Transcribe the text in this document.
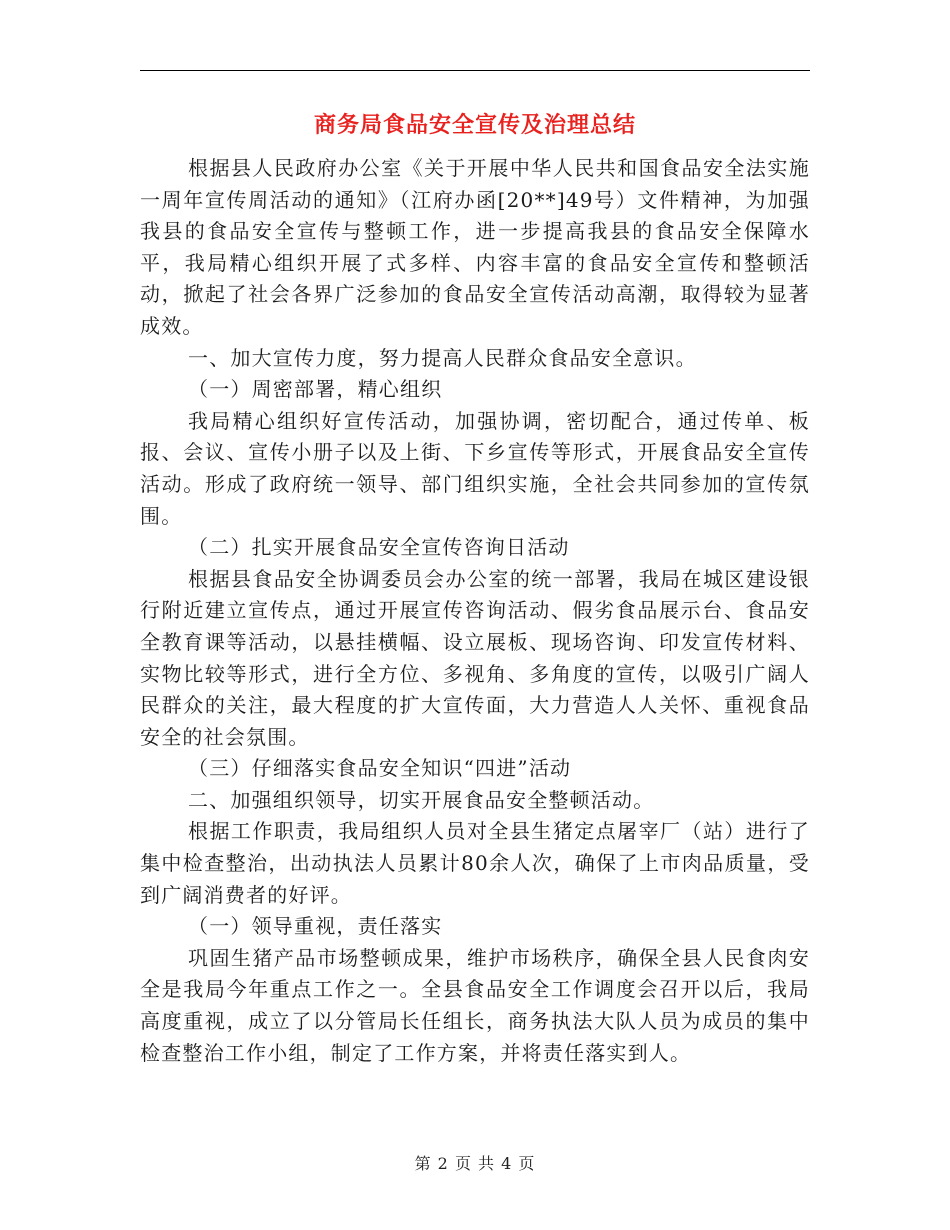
商务局食品安全宣传及治理总结

根据县人民政府办公室《关于开展中华人民共和国食品安全法实施一周年宣传周活动的通知》（江府办函[20**]49号）文件精神，为加强我县的食品安全宣传与整顿工作，进一步提高我县的食品安全保障水平，我局精心组织开展了式多样、内容丰富的食品安全宣传和整顿活动，掀起了社会各界广泛参加的食品安全宣传活动高潮，取得较为显著成效。

一、加大宣传力度，努力提高人民群众食品安全意识。

（一）周密部署，精心组织

我局精心组织好宣传活动，加强协调，密切配合，通过传单、板报、会议、宣传小册子以及上街、下乡宣传等形式，开展食品安全宣传活动。形成了政府统一领导、部门组织实施，全社会共同参加的宣传氛围。

（二）扎实开展食品安全宣传咨询日活动

根据县食品安全协调委员会办公室的统一部署，我局在城区建设银行附近建立宣传点，通过开展宣传咨询活动、假劣食品展示台、食品安全教育课等活动，以悬挂横幅、设立展板、现场咨询、印发宣传材料、实物比较等形式，进行全方位、多视角、多角度的宣传，以吸引广阔人民群众的关注，最大程度的扩大宣传面，大力营造人人关怀、重视食品安全的社会氛围。

（三）仔细落实食品安全知识“四进”活动

二、加强组织领导，切实开展食品安全整顿活动。

根据工作职责，我局组织人员对全县生猪定点屠宰厂（站）进行了集中检查整治，出动执法人员累计80余人次，确保了上市肉品质量，受到广阔消费者的好评。

（一）领导重视，责任落实

巩固生猪产品市场整顿成果，维护市场秩序，确保全县人民食肉安全是我局今年重点工作之一。全县食品安全工作调度会召开以后，我局高度重视，成立了以分管局长任组长，商务执法大队人员为成员的集中检查整治工作小组，制定了工作方案，并将责任落实到人。

第 2 页 共 4 页
